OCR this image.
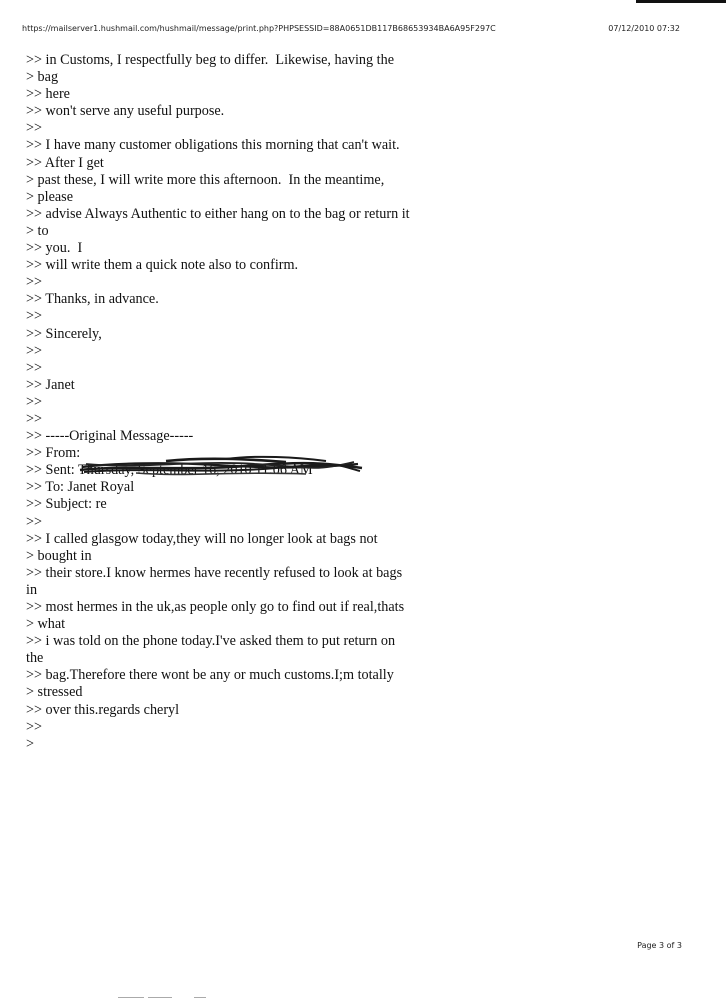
https://mailserver1.hushmail.com/hushmail/message/print.php?PHPSESSID=88A0651DB117B68653934BA6A95F297C	07/12/2010 07:32
>> in Customs, I respectfully beg to differ.  Likewise, having the
> bag
>> here
>> won't serve any useful purpose.
>>
>> I have many customer obligations this morning that can't wait.
>> After I get
> past these, I will write more this afternoon.  In the meantime,
> please
>> advise Always Authentic to either hang on to the bag or return it
> to
>> you.  I
>> will write them a quick note also to confirm.
>>
>> Thanks, in advance.
>>
>> Sincerely,
>>
>>
>> Janet
>>
>>
>> -----Original Message-----
>> From:
>> Sent: Thursday, September 16, 2010 11:06 AM
>> To: Janet Royal
>> Subject: re
>>
>> I called glasgow today,they will no longer look at bags not
> bought in
>> their store.I know hermes have recently refused to look at bags
in
>> most hermes in the uk,as people only go to find out if real,thats
> what
>> i was told on the phone today.I've asked them to put return on
the
>> bag.Therefore there wont be any or much customs.I;m totally
> stressed
>> over this.regards cheryl
>>
>
Page 3 of 3
